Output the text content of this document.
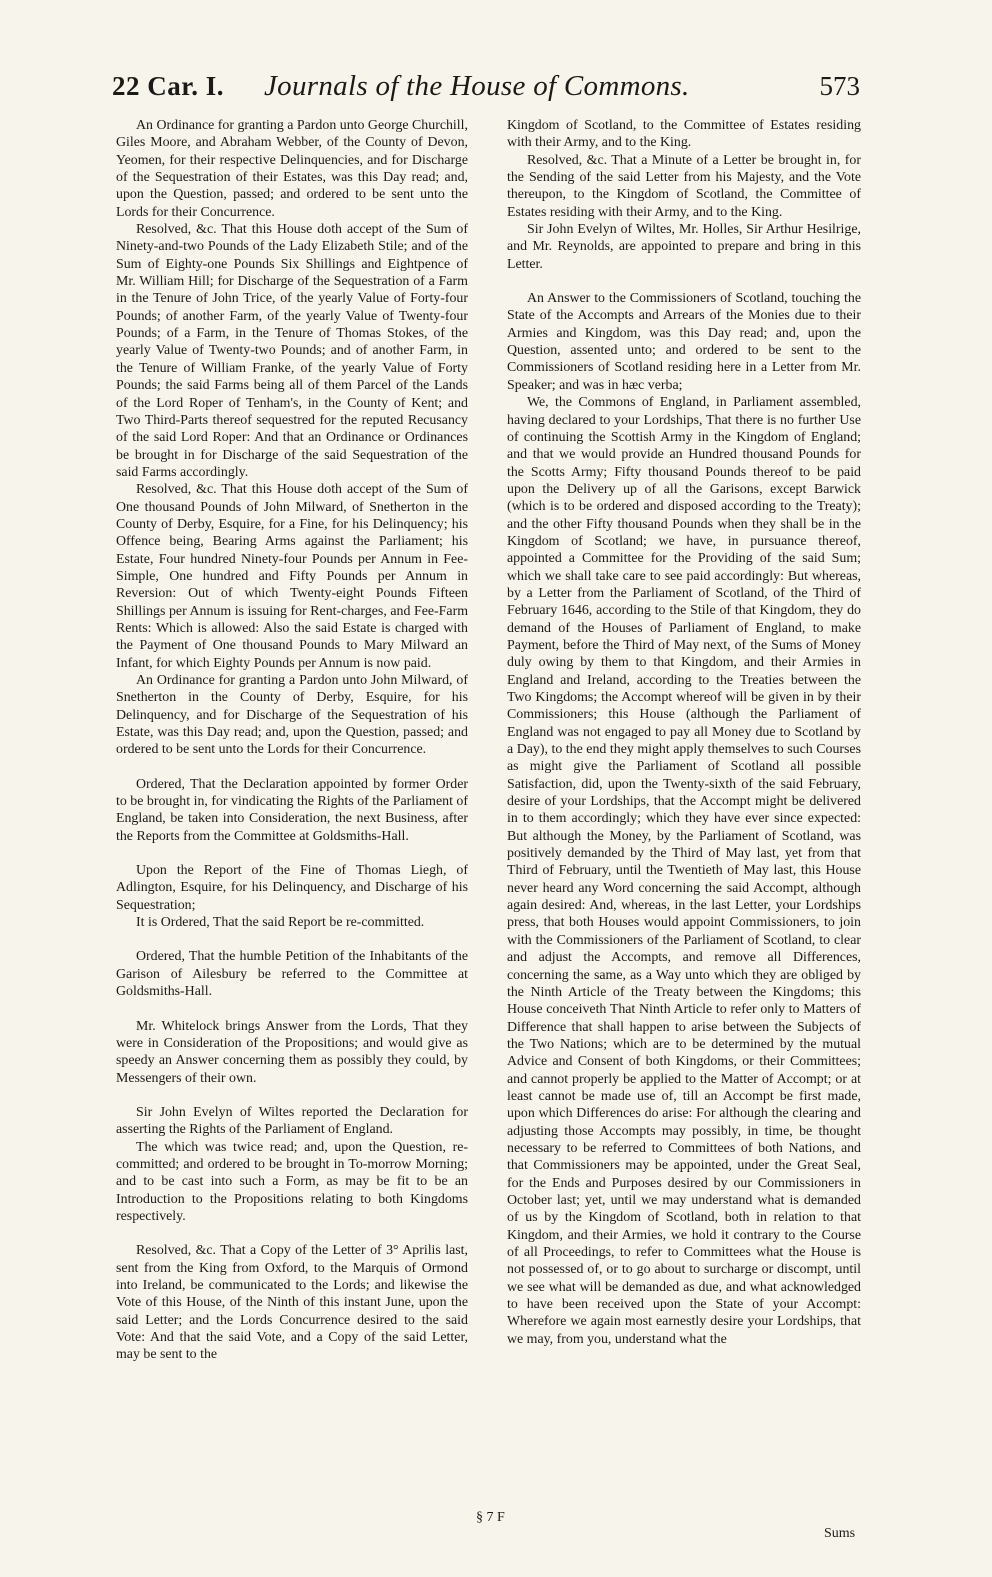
22 Car. I. Journals of the House of Commons.	573

An Ordinance for granting a Pardon unto George Churchill, Giles Moore, and Abraham Webber, of the County of Devon, Yeomen, for their respective Delinquencies, and for Discharge of the Sequestration of their Estates, was this Day read; and, upon the Question, passed; and ordered to be sent unto the Lords for their Concurrence.

Resolved, &c. That this House doth accept of the Sum of Ninety-and-two Pounds of the Lady Elizabeth Stile; and of the Sum of Eighty-one Pounds Six Shillings and Eightpence of Mr. William Hill; for Discharge of the Sequestration of a Farm in the Tenure of John Trice, of the yearly Value of Forty-four Pounds; of another Farm, of the yearly Value of Twenty-four Pounds; of a Farm, in the Tenure of Thomas Stokes, of the yearly Value of Twenty-two Pounds; and of another Farm, in the Tenure of William Franke, of the yearly Value of Forty Pounds; the said Farms being all of them Parcel of the Lands of the Lord Roper of Tenham's, in the County of Kent; and Two Third-Parts thereof sequestred for the reputed Recusancy of the said Lord Roper: And that an Ordinance or Ordinances be brought in for Discharge of the said Sequestration of the said Farms accordingly.

Resolved, &c. That this House doth accept of the Sum of One thousand Pounds of John Milward, of Snetherton in the County of Derby, Esquire, for a Fine, for his Delinquency; his Offence being, Bearing Arms against the Parliament; his Estate, Four hundred Ninety-four Pounds per Annum in Fee-Simple, One hundred and Fifty Pounds per Annum in Reversion: Out of which Twenty-eight Pounds Fifteen Shillings per Annum is issuing for Rent-charges, and Fee-Farm Rents: Which is allowed: Also the said Estate is charged with the Payment of One thousand Pounds to Mary Milward an Infant, for which Eighty Pounds per Annum is now paid.

An Ordinance for granting a Pardon unto John Milward, of Snetherton in the County of Derby, Esquire, for his Delinquency, and for Discharge of the Sequestration of his Estate, was this Day read; and, upon the Question, passed; and ordered to be sent unto the Lords for their Concurrence.

Ordered, That the Declaration appointed by former Order to be brought in, for vindicating the Rights of the Parliament of England, be taken into Consideration, the next Business, after the Reports from the Committee at Goldsmiths-Hall.

Upon the Report of the Fine of Thomas Liegh, of Adlington, Esquire, for his Delinquency, and Discharge of his Sequestration;

It is Ordered, That the said Report be re-committed.

Ordered, That the humble Petition of the Inhabitants of the Garison of Ailesbury be referred to the Committee at Goldsmiths-Hall.

Mr. Whitelock brings Answer from the Lords, That they were in Consideration of the Propositions; and would give as speedy an Answer concerning them as possibly they could, by Messengers of their own.

Sir John Evelyn of Wiltes reported the Declaration for asserting the Rights of the Parliament of England.

The which was twice read; and, upon the Question, re-committed; and ordered to be brought in To-morrow Morning; and to be cast into such a Form, as may be fit to be an Introduction to the Propositions relating to both Kingdoms respectively.

Resolved, &c. That a Copy of the Letter of 3° Aprilis last, sent from the King from Oxford, to the Marquis of Ormond into Ireland, be communicated to the Lords; and likewise the Vote of this House, of the Ninth of this instant June, upon the said Letter; and the Lords Concurrence desired to the said Vote: And that the said Vote, and a Copy of the said Letter, may be sent to the

Kingdom of Scotland, to the Committee of Estates residing with their Army, and to the King.

Resolved, &c. That a Minute of a Letter be brought in, for the Sending of the said Letter from his Majesty, and the Vote thereupon, to the Kingdom of Scotland, the Committee of Estates residing with their Army, and to the King.

Sir John Evelyn of Wiltes, Mr. Holles, Sir Arthur Hesilrige, and Mr. Reynolds, are appointed to prepare and bring in this Letter.

An Answer to the Commissioners of Scotland, touching the State of the Accompts and Arrears of the Monies due to their Armies and Kingdom, was this Day read; and, upon the Question, assented unto; and ordered to be sent to the Commissioners of Scotland residing here in a Letter from Mr. Speaker; and was in hæc verba;

We, the Commons of England, in Parliament assembled, having declared to your Lordships, That there is no further Use of continuing the Scottish Army in the Kingdom of England; and that we would provide an Hundred thousand Pounds for the Scotts Army; Fifty thousand Pounds thereof to be paid upon the Delivery up of all the Garisons, except Barwick (which is to be ordered and disposed according to the Treaty); and the other Fifty thousand Pounds when they shall be in the Kingdom of Scotland; we have, in pursuance thereof, appointed a Committee for the Providing of the said Sum; which we shall take care to see paid accordingly: But whereas, by a Letter from the Parliament of Scotland, of the Third of February 1646, according to the Stile of that Kingdom, they do demand of the Houses of Parliament of England, to make Payment, before the Third of May next, of the Sums of Money duly owing by them to that Kingdom, and their Armies in England and Ireland, according to the Treaties between the Two Kingdoms; the Accompt whereof will be given in by their Commissioners; this House (although the Parliament of England was not engaged to pay all Money due to Scotland by a Day), to the end they might apply themselves to such Courses as might give the Parliament of Scotland all possible Satisfaction, did, upon the Twenty-sixth of the said February, desire of your Lordships, that the Accompt might be delivered in to them accordingly; which they have ever since expected: But although the Money, by the Parliament of Scotland, was positively demanded by the Third of May last, yet from that Third of February, until the Twentieth of May last, this House never heard any Word concerning the said Accompt, although again desired: And, whereas, in the last Letter, your Lordships press, that both Houses would appoint Commissioners, to join with the Commissioners of the Parliament of Scotland, to clear and adjust the Accompts, and remove all Differences, concerning the same, as a Way unto which they are obliged by the Ninth Article of the Treaty between the Kingdoms; this House conceiveth That Ninth Article to refer only to Matters of Difference that shall happen to arise between the Subjects of the Two Nations; which are to be determined by the mutual Advice and Consent of both Kingdoms, or their Committees; and cannot properly be applied to the Matter of Accompt; or at least cannot be made use of, till an Accompt be first made, upon which Differences do arise: For although the clearing and adjusting those Accompts may possibly, in time, be thought necessary to be referred to Committees of both Nations, and that Commissioners may be appointed, under the Great Seal, for the Ends and Purposes desired by our Commissioners in October last; yet, until we may understand what is demanded of us by the Kingdom of Scotland, both in relation to that Kingdom, and their Armies, we hold it contrary to the Course of all Proceedings, to refer to Committees what the House is not possessed of, or to go about to surcharge or discompt, until we see what will be demanded as due, and what acknowledged to have been received upon the State of your Accompt: Wherefore we again most earnestly desire your Lordships, that we may, from you, understand what the

§ 7 F
Sums
